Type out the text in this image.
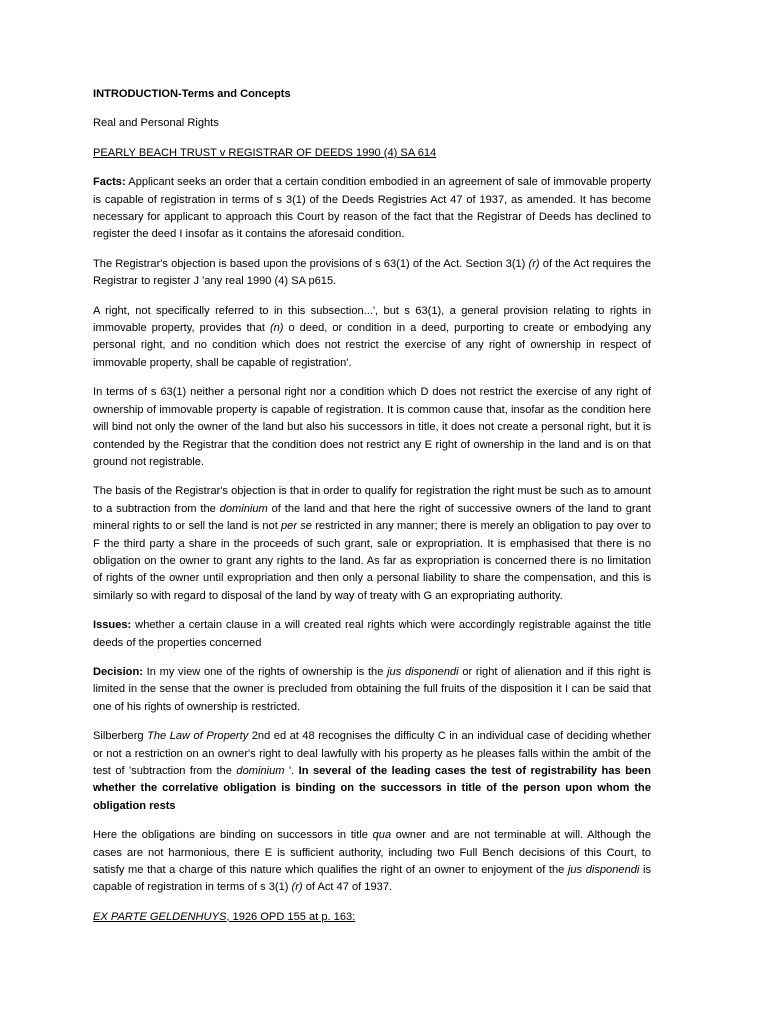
INTRODUCTION-Terms and Concepts

Real and Personal Rights

PEARLY BEACH TRUST v REGISTRAR OF DEEDS 1990 (4) SA 614

Facts: Applicant seeks an order that a certain condition embodied in an agreement of sale of immovable property is capable of registration in terms of s 3(1) of the Deeds Registries Act 47 of 1937, as amended. It has become necessary for applicant to approach this Court by reason of the fact that the Registrar of Deeds has declined to register the deed I insofar as it contains the aforesaid condition.

The Registrar's objection is based upon the provisions of s 63(1) of the Act. Section 3(1) (r) of the Act requires the Registrar to register J 'any real 1990 (4) SA p615.

A right, not specifically referred to in this subsection...', but s 63(1), a general provision relating to rights in immovable property, provides that (n) o deed, or condition in a deed, purporting to create or embodying any personal right, and no condition which does not restrict the exercise of any right of ownership in respect of immovable property, shall be capable of registration'.

In terms of s 63(1) neither a personal right nor a condition which D does not restrict the exercise of any right of ownership of immovable property is capable of registration. It is common cause that, insofar as the condition here will bind not only the owner of the land but also his successors in title, it does not create a personal right, but it is contended by the Registrar that the condition does not restrict any E right of ownership in the land and is on that ground not registrable.

The basis of the Registrar's objection is that in order to qualify for registration the right must be such as to amount to a subtraction from the dominium of the land and that here the right of successive owners of the land to grant mineral rights to or sell the land is not per se restricted in any manner; there is merely an obligation to pay over to F the third party a share in the proceeds of such grant, sale or expropriation. It is emphasised that there is no obligation on the owner to grant any rights to the land. As far as expropriation is concerned there is no limitation of rights of the owner until expropriation and then only a personal liability to share the compensation, and this is similarly so with regard to disposal of the land by way of treaty with G an expropriating authority.

Issues: whether a certain clause in a will created real rights which were accordingly registrable against the title deeds of the properties concerned

Decision: In my view one of the rights of ownership is the jus disponendi or right of alienation and if this right is limited in the sense that the owner is precluded from obtaining the full fruits of the disposition it I can be said that one of his rights of ownership is restricted.

Silberberg The Law of Property 2nd ed at 48 recognises the difficulty C in an individual case of deciding whether or not a restriction on an owner's right to deal lawfully with his property as he pleases falls within the ambit of the test of 'subtraction from the dominium '. In several of the leading cases the test of registrability has been whether the correlative obligation is binding on the successors in title of the person upon whom the obligation rests

Here the obligations are binding on successors in title qua owner and are not terminable at will. Although the cases are not harmonious, there E is sufficient authority, including two Full Bench decisions of this Court, to satisfy me that a charge of this nature which qualifies the right of an owner to enjoyment of the jus disponendi is capable of registration in terms of s 3(1) (r) of Act 47 of 1937.

EX PARTE GELDENHUYS, 1926 OPD 155 at p. 163:
